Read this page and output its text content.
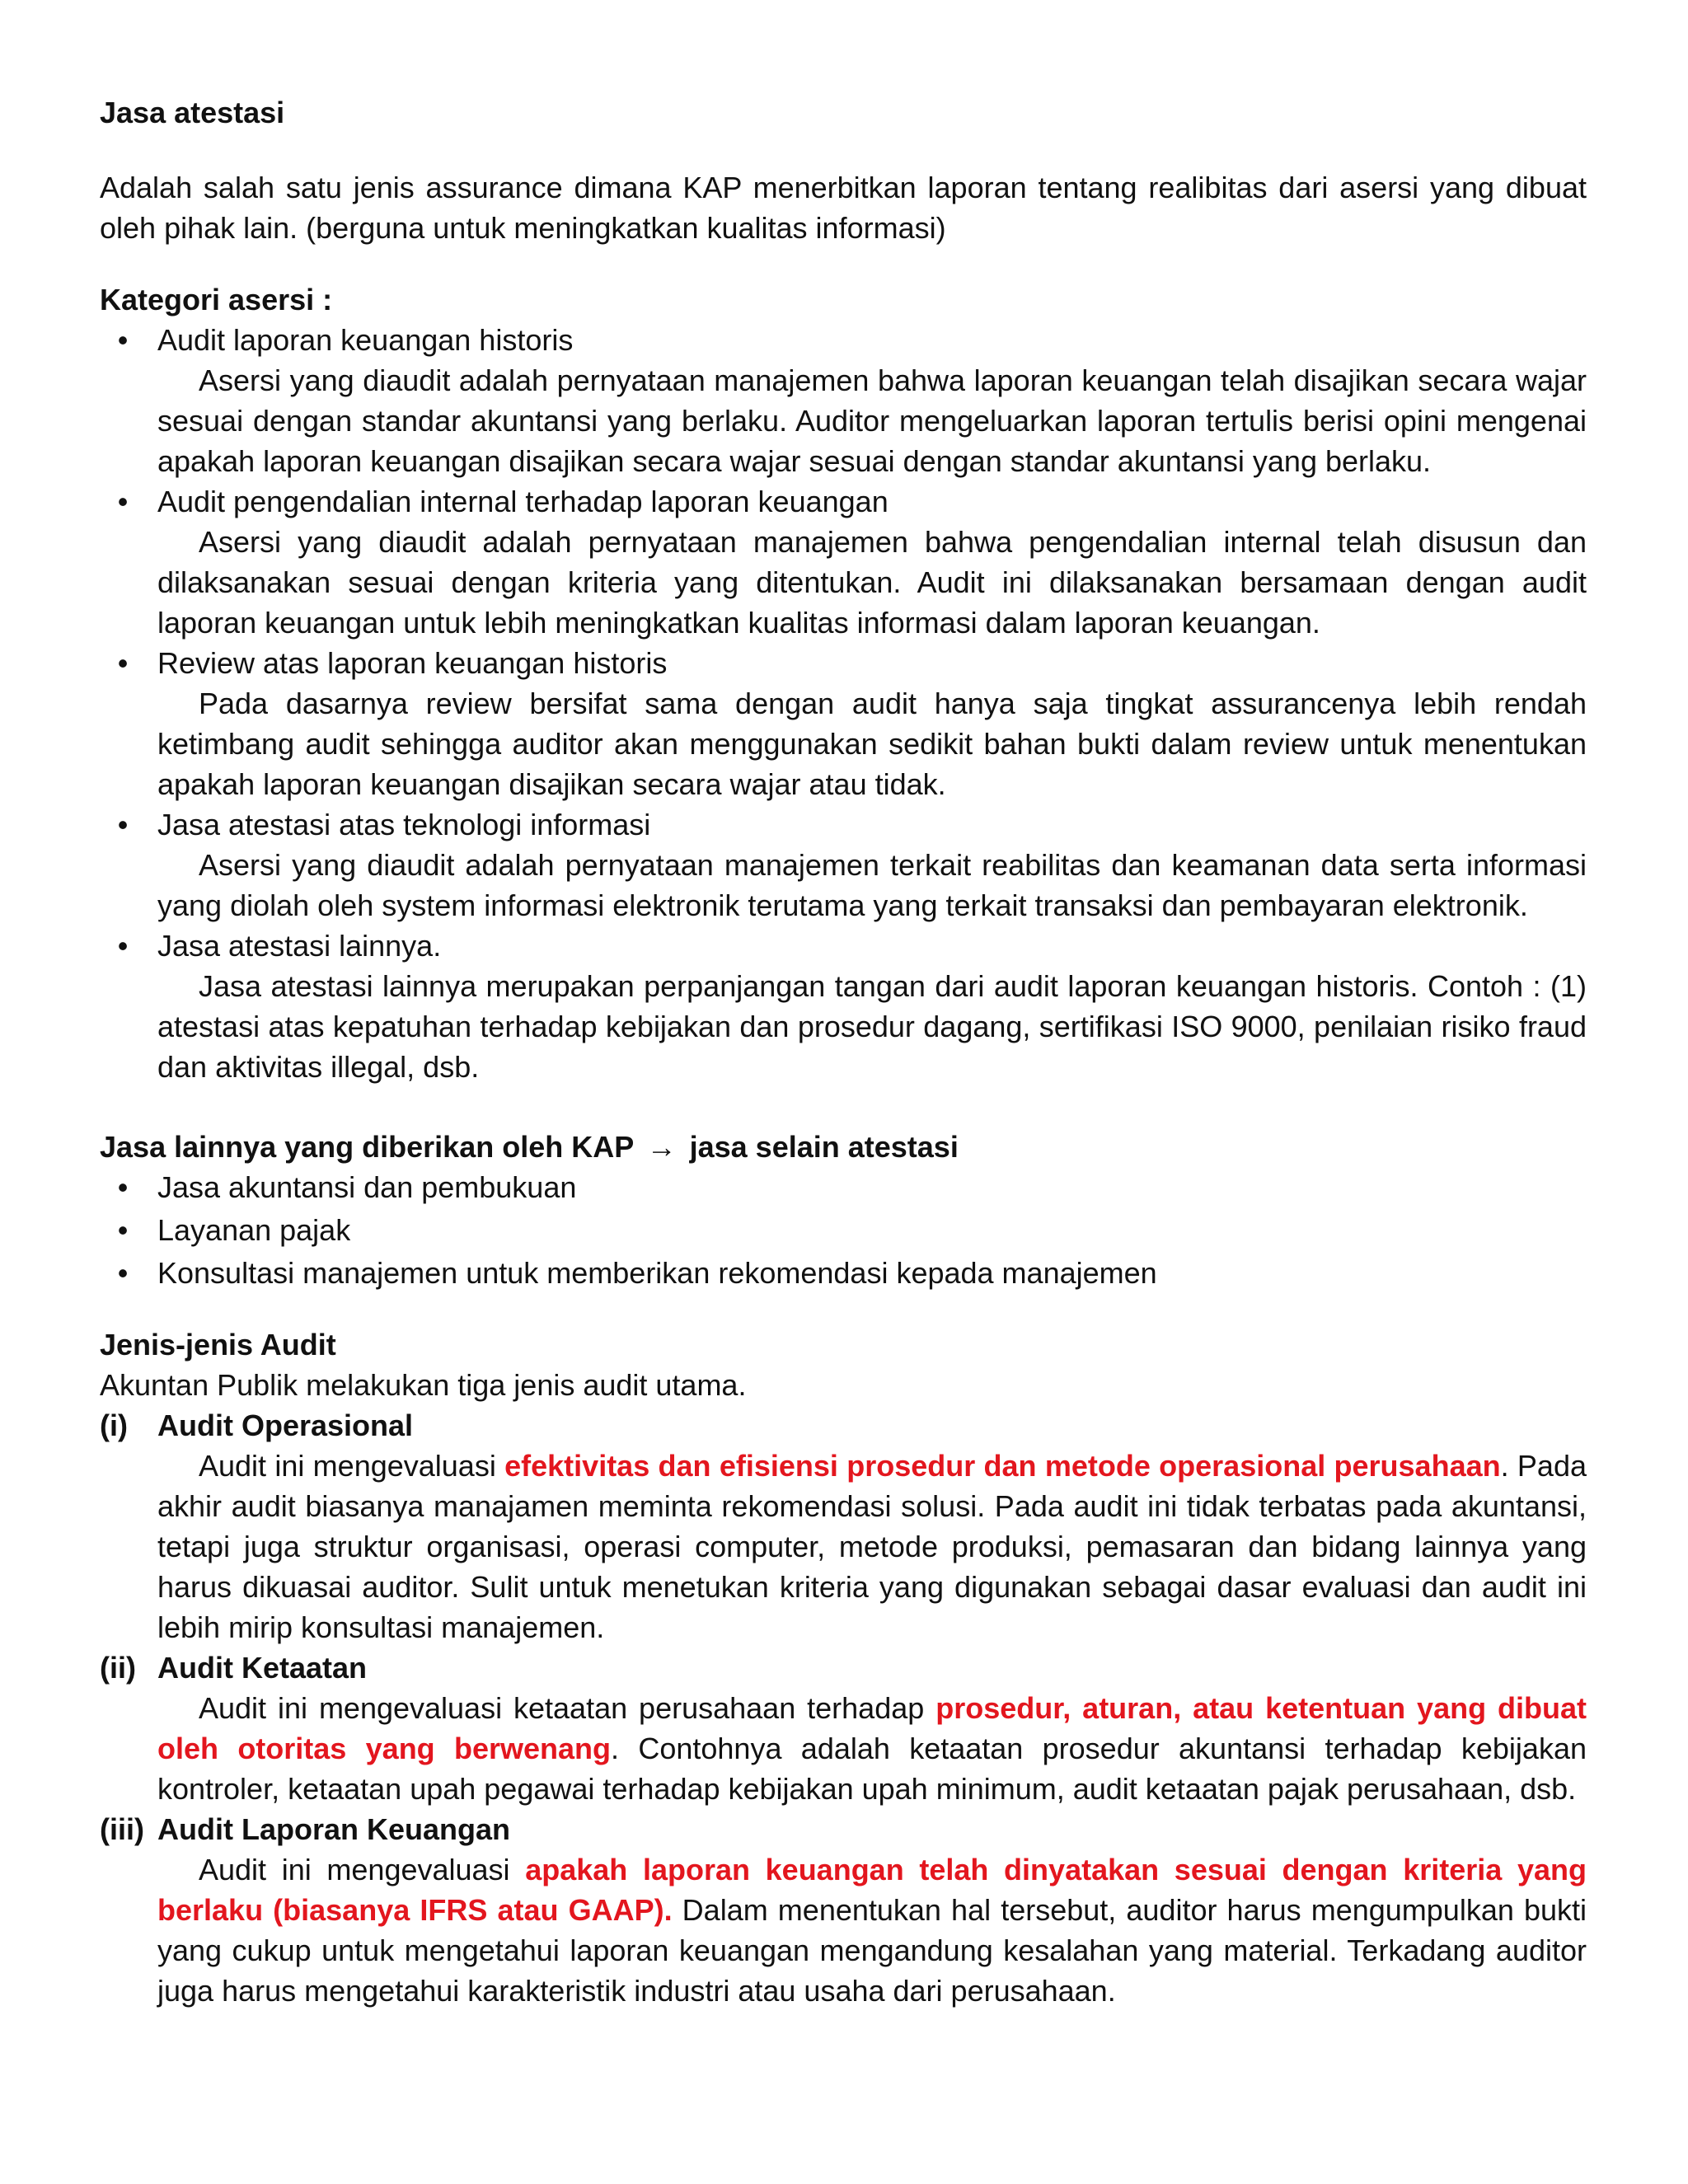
Jasa atestasi

Adalah salah satu jenis assurance dimana KAP menerbitkan laporan tentang realibitas dari asersi yang dibuat oleh pihak lain. (berguna untuk meningkatkan kualitas informasi)

Kategori asersi :

• Audit laporan keuangan historis
Asersi yang diaudit adalah pernyataan manajemen bahwa laporan keuangan telah disajikan secara wajar sesuai dengan standar akuntansi yang berlaku. Auditor mengeluarkan laporan tertulis berisi opini mengenai apakah laporan keuangan disajikan secara wajar sesuai dengan standar akuntansi yang berlaku.
• Audit pengendalian internal terhadap laporan keuangan
Asersi yang diaudit adalah pernyataan manajemen bahwa pengendalian internal telah disusun dan dilaksanakan sesuai dengan kriteria yang ditentukan. Audit ini dilaksanakan bersamaan dengan audit laporan keuangan untuk lebih meningkatkan kualitas informasi dalam laporan keuangan.
• Review atas laporan keuangan historis
Pada dasarnya review bersifat sama dengan audit hanya saja tingkat assurancenya lebih rendah ketimbang audit sehingga auditor akan menggunakan sedikit bahan bukti dalam review untuk menentukan apakah laporan keuangan disajikan secara wajar atau tidak.
• Jasa atestasi atas teknologi informasi
Asersi yang diaudit adalah pernyataan manajemen terkait reabilitas dan keamanan data serta informasi yang diolah oleh system informasi elektronik terutama yang terkait transaksi dan pembayaran elektronik.
• Jasa atestasi lainnya.
Jasa atestasi lainnya merupakan perpanjangan tangan dari audit laporan keuangan historis. Contoh : (1) atestasi atas kepatuhan terhadap kebijakan dan prosedur dagang, sertifikasi ISO 9000, penilaian risiko fraud dan aktivitas illegal, dsb.

Jasa lainnya yang diberikan oleh KAP → jasa selain atestasi

• Jasa akuntansi dan pembukuan
• Layanan pajak
• Konsultasi manajemen untuk memberikan rekomendasi kepada manajemen

Jenis-jenis Audit

Akuntan Publik melakukan tiga jenis audit utama.

(i) Audit Operasional
Audit ini mengevaluasi efektivitas dan efisiensi prosedur dan metode operasional perusahaan. Pada akhir audit biasanya manajamen meminta rekomendasi solusi. Pada audit ini tidak terbatas pada akuntansi, tetapi juga struktur organisasi, operasi computer, metode produksi, pemasaran dan bidang lainnya yang harus dikuasai auditor. Sulit untuk menetukan kriteria yang digunakan sebagai dasar evaluasi dan audit ini lebih mirip konsultasi manajemen.
(ii) Audit Ketaatan
Audit ini mengevaluasi ketaatan perusahaan terhadap prosedur, aturan, atau ketentuan yang dibuat oleh otoritas yang berwenang. Contohnya adalah ketaatan prosedur akuntansi terhadap kebijakan kontroler, ketaatan upah pegawai terhadap kebijakan upah minimum, audit ketaatan pajak perusahaan, dsb.
(iii) Audit Laporan Keuangan
Audit ini mengevaluasi apakah laporan keuangan telah dinyatakan sesuai dengan kriteria yang berlaku (biasanya IFRS atau GAAP). Dalam menentukan hal tersebut, auditor harus mengumpulkan bukti yang cukup untuk mengetahui laporan keuangan mengandung kesalahan yang material. Terkadang auditor juga harus mengetahui karakteristik industri atau usaha dari perusahaan.
